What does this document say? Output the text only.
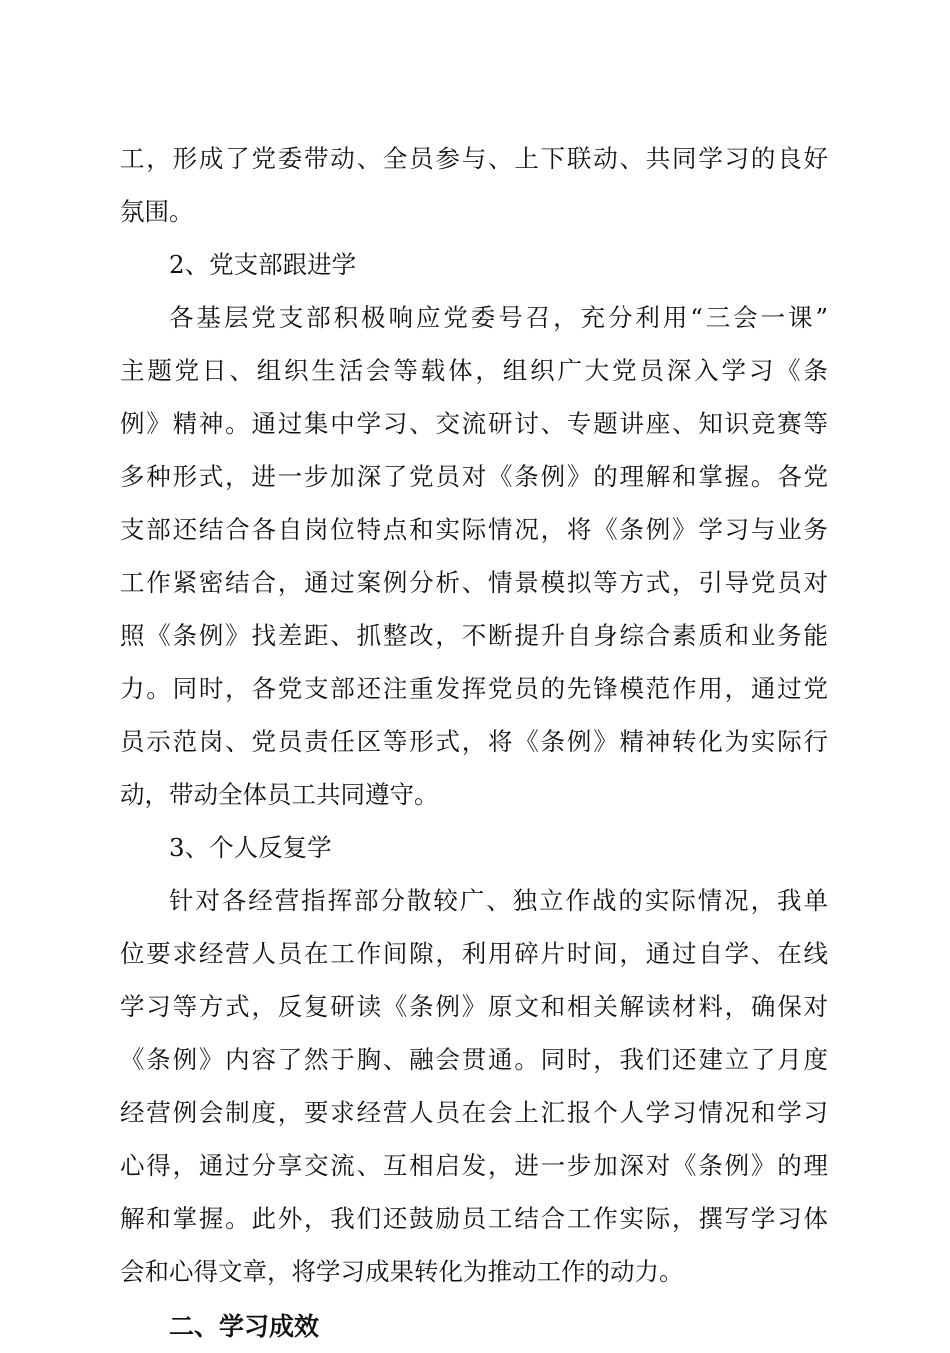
工，形成了党委带动、全员参与、上下联动、共同学习的良好

氛围。

2、党支部跟进学

各基层党支部积极响应党委号召，充分利用“三会一课”

主题党日、组织生活会等载体，组织广大党员深入学习《条

例》精神。通过集中学习、交流研讨、专题讲座、知识竞赛等

多种形式，进一步加深了党员对《条例》的理解和掌握。各党

支部还结合各自岗位特点和实际情况，将《条例》学习与业务

工作紧密结合，通过案例分析、情景模拟等方式，引导党员对

照《条例》找差距、抓整改，不断提升自身综合素质和业务能

力。同时，各党支部还注重发挥党员的先锋模范作用，通过党

员示范岗、党员责任区等形式，将《条例》精神转化为实际行

动，带动全体员工共同遵守。

3、个人反复学

针对各经营指挥部分散较广、独立作战的实际情况，我单

位要求经营人员在工作间隙，利用碎片时间，通过自学、在线

学习等方式，反复研读《条例》原文和相关解读材料，确保对

《条例》内容了然于胸、融会贯通。同时，我们还建立了月度

经营例会制度，要求经营人员在会上汇报个人学习情况和学习

心得，通过分享交流、互相启发，进一步加深对《条例》的理

解和掌握。此外，我们还鼓励员工结合工作实际，撰写学习体

会和心得文章，将学习成果转化为推动工作的动力。

二、学习成效
